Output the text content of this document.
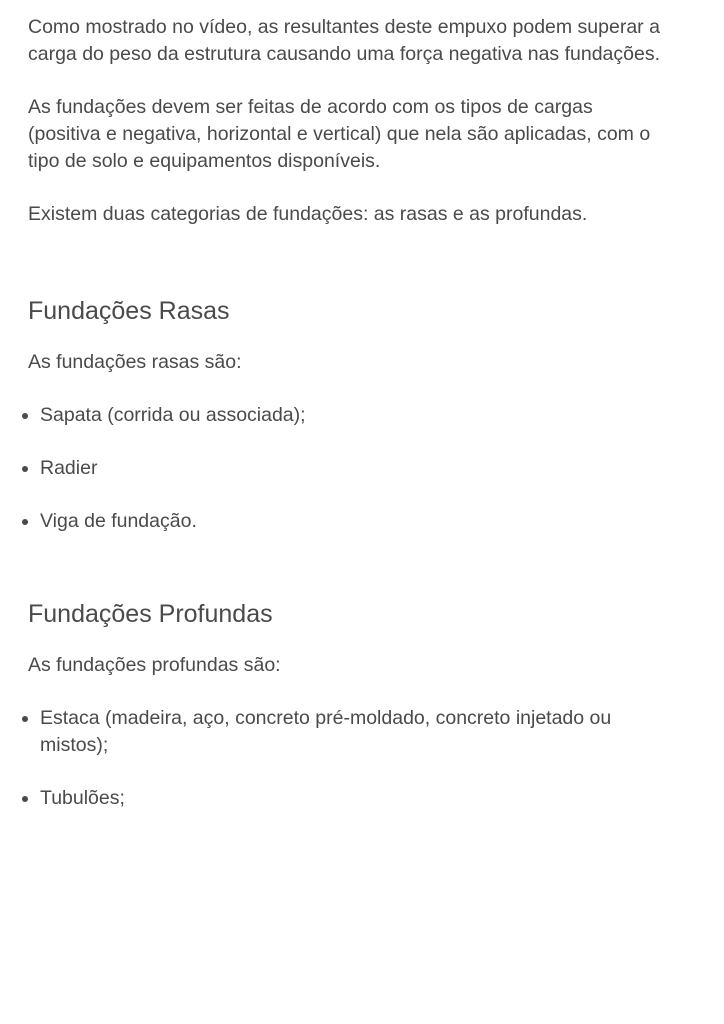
Como mostrado no vídeo, as resultantes deste empuxo podem superar a carga do peso da estrutura causando uma força negativa nas fundações.

As fundações devem ser feitas de acordo com os tipos de cargas (positiva e negativa, horizontal e vertical) que nela são aplicadas, com o tipo de solo e equipamentos disponíveis.

Existem duas categorias de fundações: as rasas e as profundas.

Fundações Rasas

As fundações rasas são:

Sapata (corrida ou associada);
Radier
Viga de fundação.
Fundações Profundas

As fundações profundas são:

Estaca (madeira, aço, concreto pré-moldado, concreto injetado ou mistos);
Tubulões;
